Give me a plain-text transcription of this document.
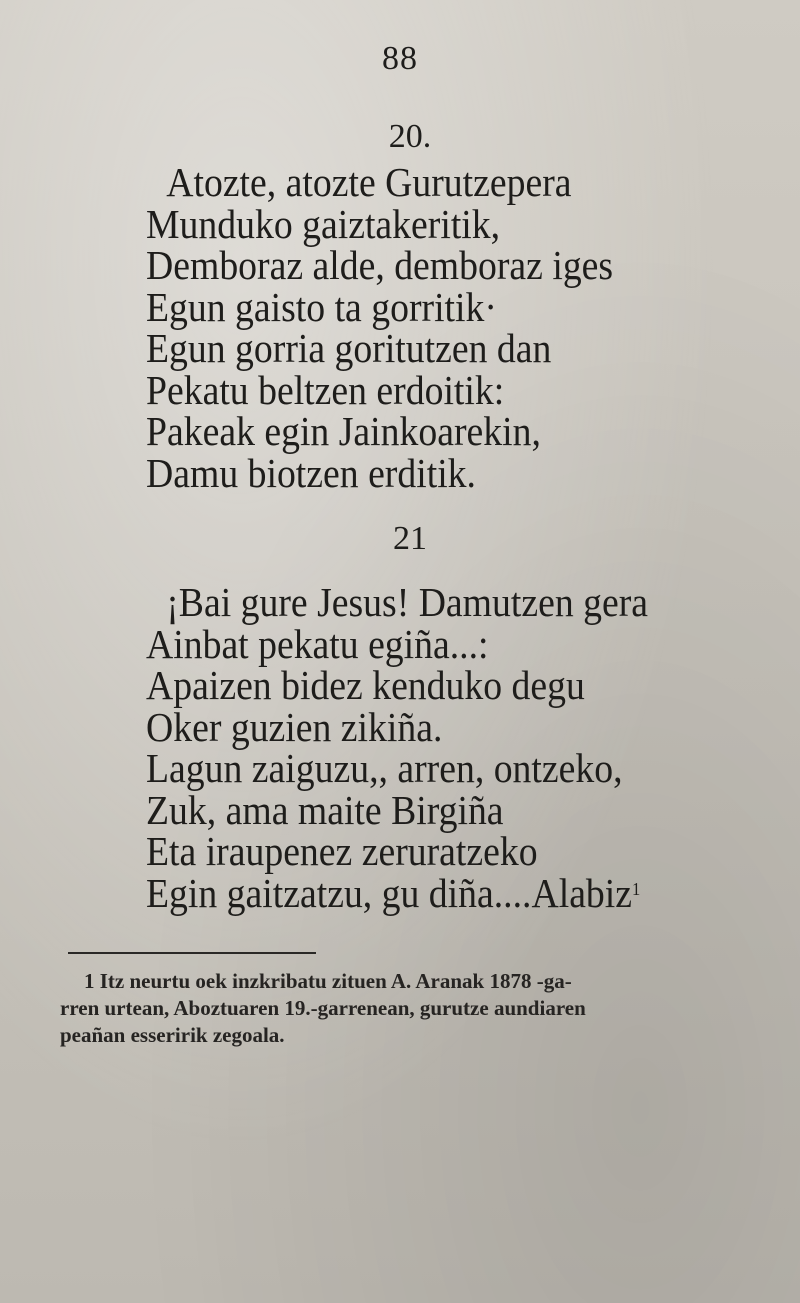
88
20.
Atozte, atozte Gurutzepera
Munduko gaiztakeritik,
Demboraz alde, demboraz iges
Egun gaisto ta gorritik·
Egun gorria goritutzen dan
Pekatu beltzen erdoitik:
Pakeak egin Jainkoarekin,
Damu biotzen erditik.
21
¡Bai gure Jesus! Damutzen gera
Ainbat pekatu egiña...:
Apaizen bidez kenduko degu
Oker guzien zikiña.
Lagun zaiguzu,, arren, ontzeko,
Zuk, ama maite Birgiña
Eta iraupenez zeruratzeko
Egin gaitzatzu, gu diña....Alabiz$^1$

1 Itz neurtu oek inzkribatu zituen A. Aranak 1878 -ga-

rren urtean, Aboztuaren 19.-garrenean, gurutze aundiaren

peañan esseririk zegoala.
